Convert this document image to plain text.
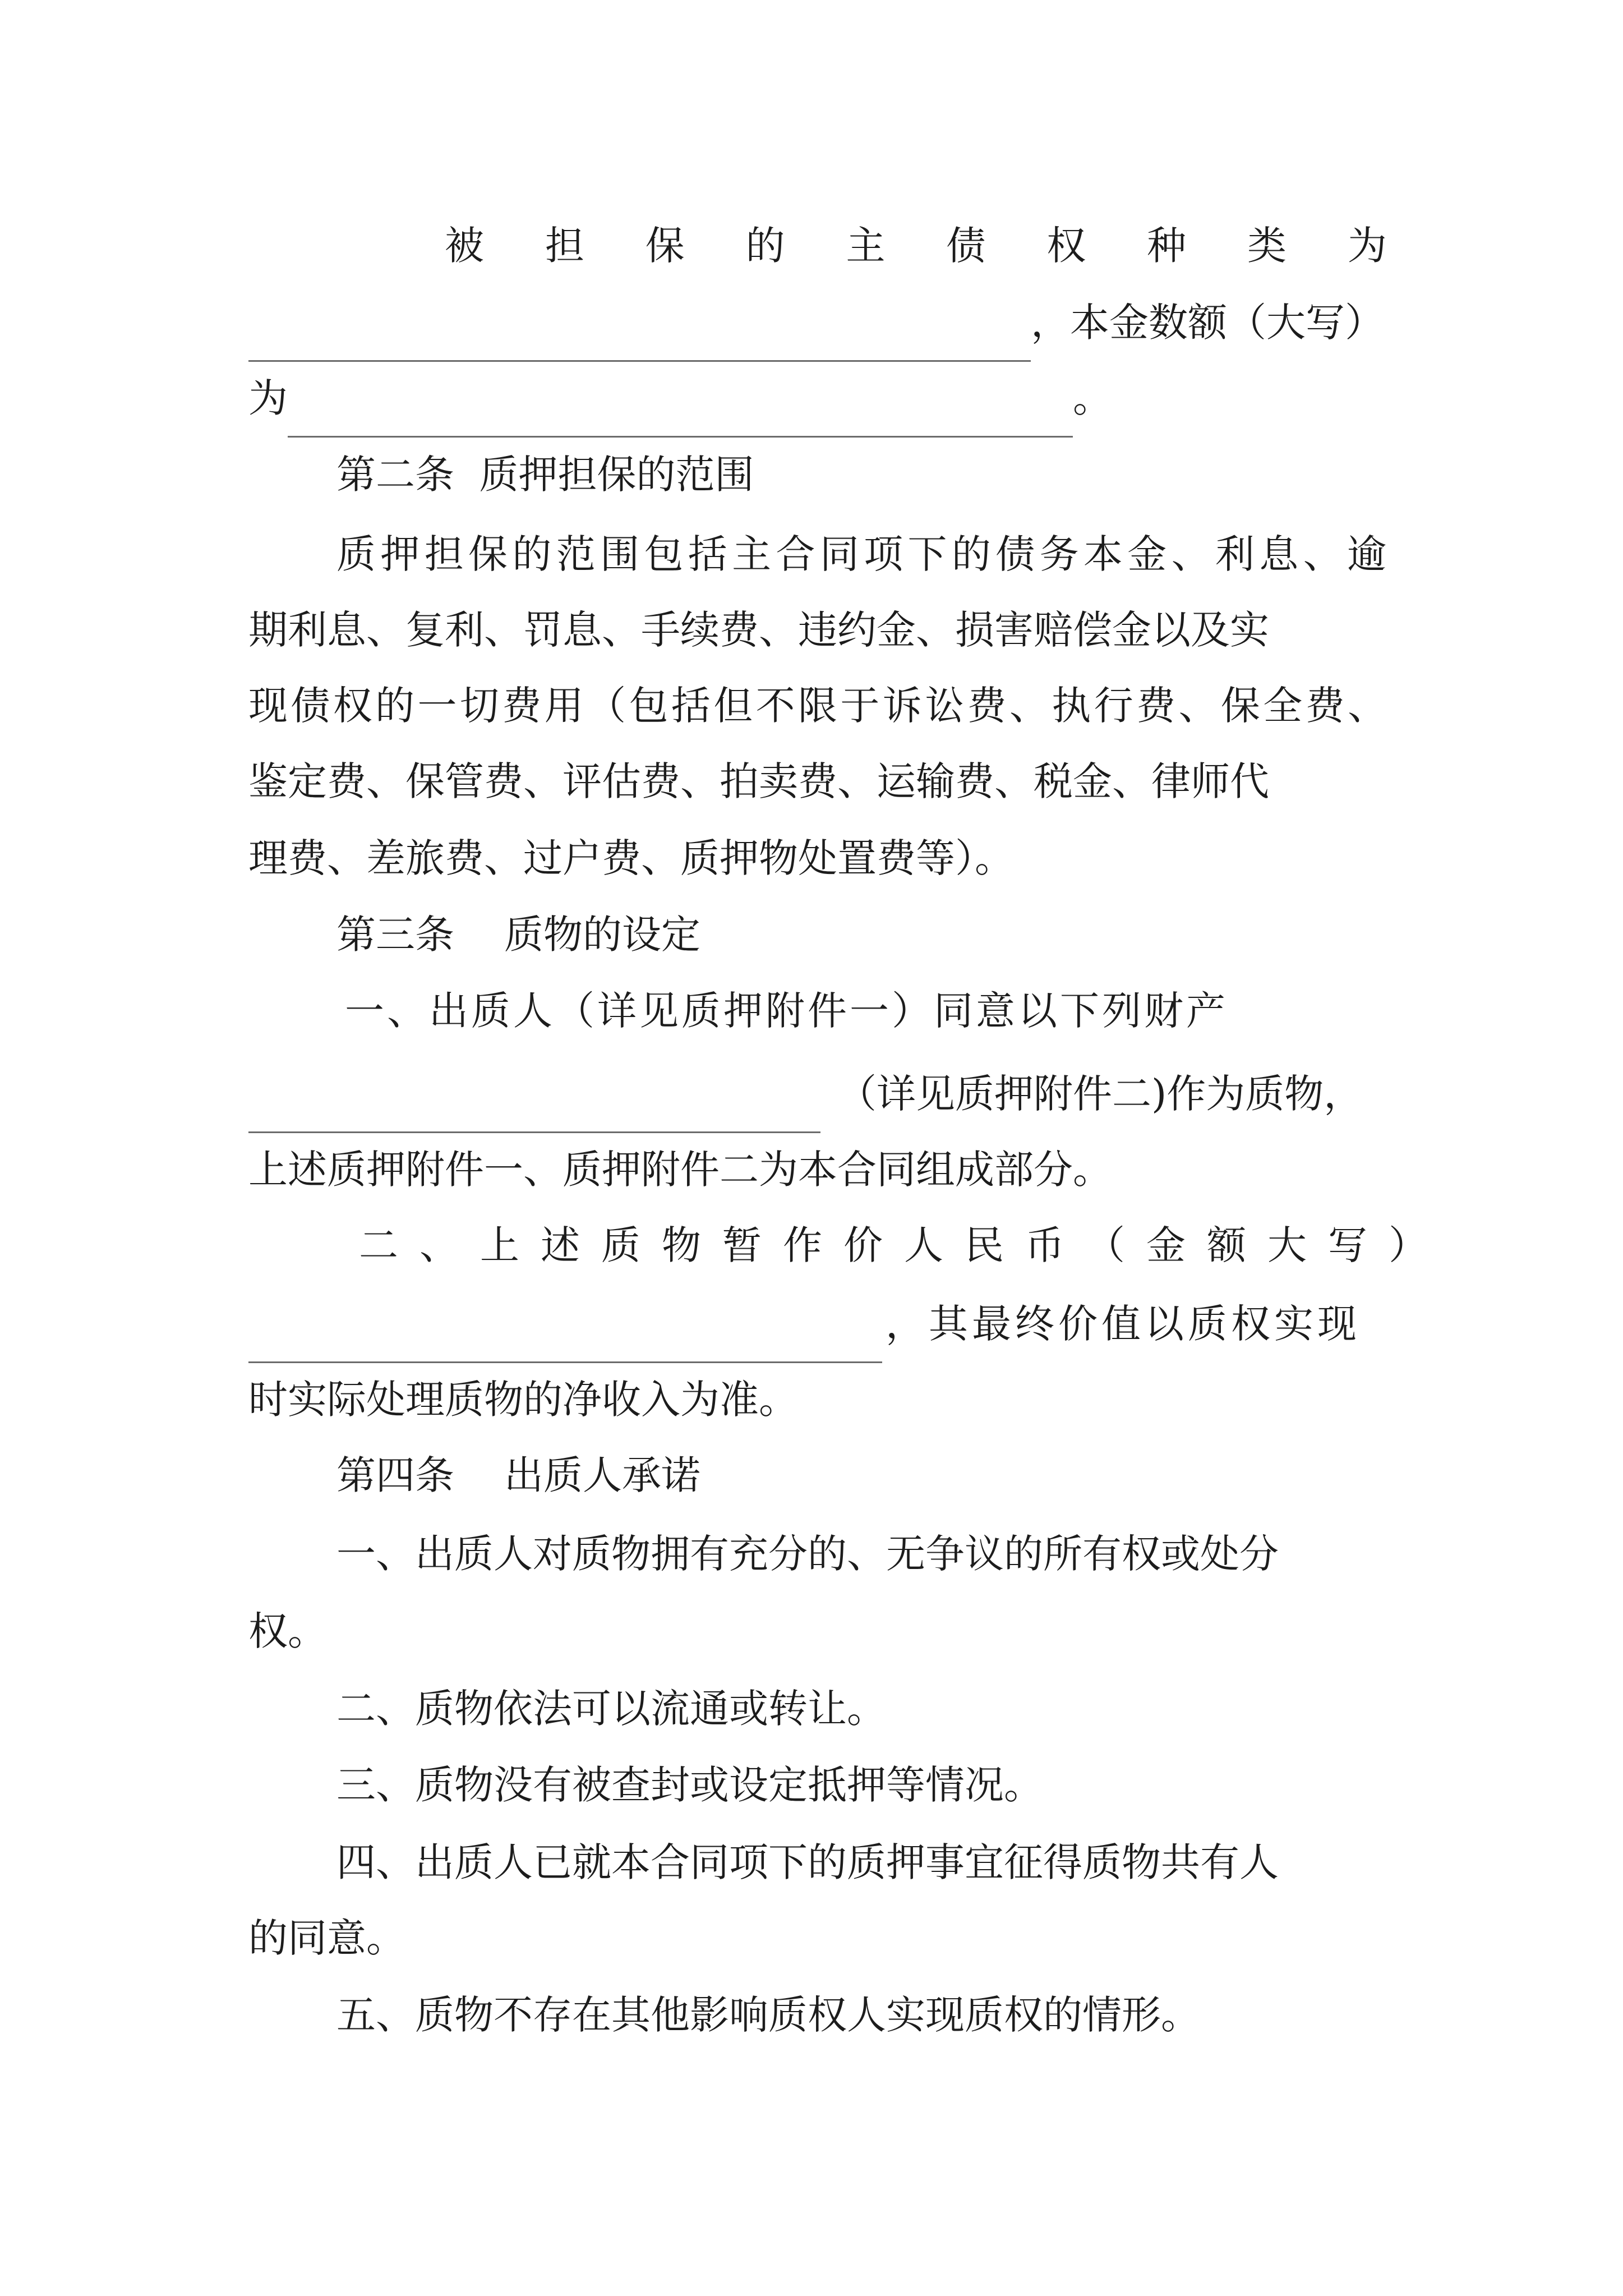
被 担 保 的 主 债 权 种 类 为
，本金数额（大写）
为	。
第二条  质押担保的范围
质押担保的范围包括主合同项下的债务本金、利息、逾
期利息、复利、罚息、手续费、违约金、损害赔偿金以及实
现债权的一切费用（包括但不限于诉讼费、执行费、保全费、
鉴定费、保管费、评估费、拍卖费、运输费、税金、律师代
理费、差旅费、过户费、质押物处置费等）。
第三条    质物的设定
一、出质人（详见质押附件一）同意以下列财产
（详见质押附件二)作为质物，
上述质押附件一、质押附件二为本合同组成部分。
二、上述质物暂作价人民币（金额大写）
，其最终价值以质权实现
时实际处理质物的净收入为准。
第四条    出质人承诺
一、出质人对质物拥有充分的、无争议的所有权或处分
权。
二、质物依法可以流通或转让。
三、质物没有被查封或设定抵押等情况。
四、出质人已就本合同项下的质押事宜征得质物共有人
的同意。
五、质物不存在其他影响质权人实现质权的情形。
